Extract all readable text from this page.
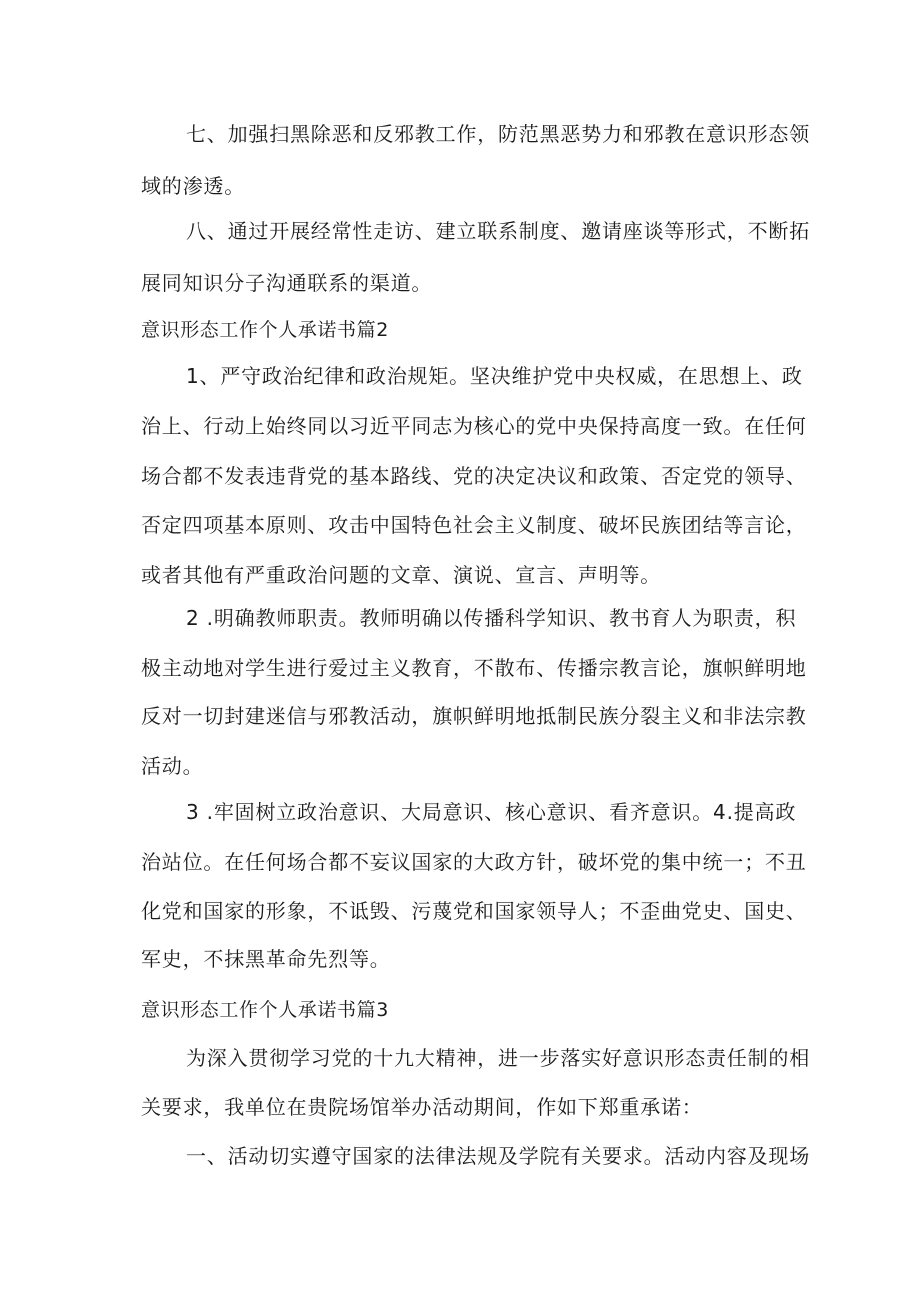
七、加强扫黑除恶和反邪教工作，防范黑恶势力和邪教在意识形态领
域的渗透。
八、通过开展经常性走访、建立联系制度、邀请座谈等形式，不断拓
展同知识分子沟通联系的渠道。
意识形态工作个人承诺书篇2
1、严守政治纪律和政治规矩。坚决维护党中央权威，在思想上、政
治上、行动上始终同以习近平同志为核心的党中央保持高度一致。在任何
场合都不发表违背党的基本路线、党的决定决议和政策、否定党的领导、
否定四项基本原则、攻击中国特色社会主义制度、破坏民族团结等言论，
或者其他有严重政治问题的文章、演说、宣言、声明等。
2 .明确教师职责。教师明确以传播科学知识、教书育人为职责，积
极主动地对学生进行爱过主义教育，不散布、传播宗教言论，旗帜鲜明地
反对一切封建迷信与邪教活动，旗帜鲜明地抵制民族分裂主义和非法宗教
活动。
3 .牢固树立政治意识、大局意识、核心意识、看齐意识。4.提高政
治站位。在任何场合都不妄议国家的大政方针，破坏党的集中统一；不丑
化党和国家的形象，不诋毁、污蔑党和国家领导人；不歪曲党史、国史、
军史，不抹黑革命先烈等。
意识形态工作个人承诺书篇3
为深入贯彻学习党的十九大精神，进一步落实好意识形态责任制的相
关要求，我单位在贵院场馆举办活动期间，作如下郑重承诺：
一、活动切实遵守国家的法律法规及学院有关要求。活动内容及现场
